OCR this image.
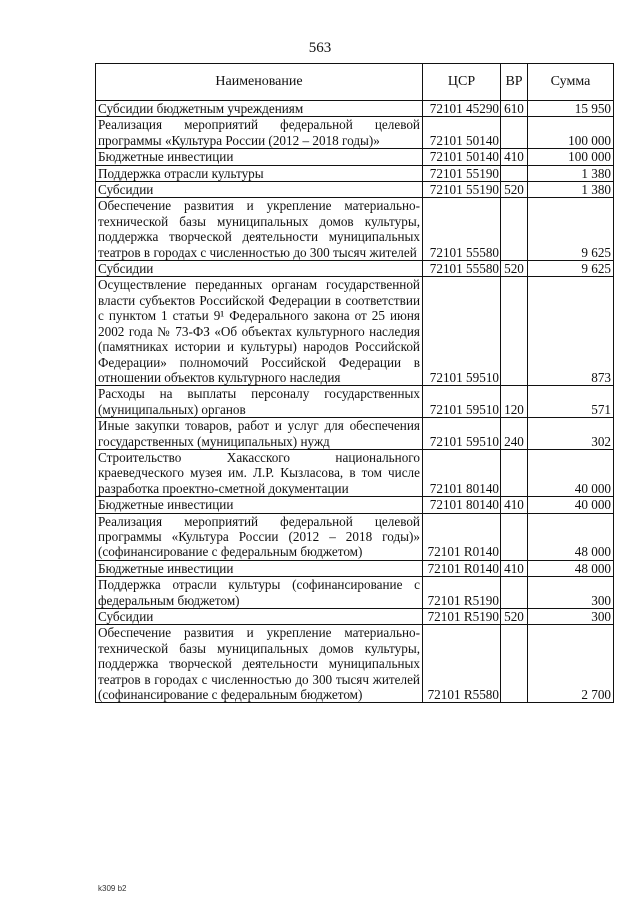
563
Наименование	ЦСР	ВР	Сумма
Субсидии бюджетным учреждениям	72101 45290	610	15 950
Реализация мероприятий федеральной целевой программы «Культура России (2012 – 2018 годы)»	72101 50140		100 000
Бюджетные инвестиции	72101 50140	410	100 000
Поддержка отрасли культуры	72101 55190		1 380
Субсидии	72101 55190	520	1 380
Обеспечение развития и укрепление материально-технической базы муниципальных домов культуры, поддержка творческой деятельности муниципальных театров в городах с численностью до 300 тысяч жителей	72101 55580		9 625
Субсидии	72101 55580	520	9 625
Осуществление переданных органам государственной власти субъектов Российской Федерации в соответствии с пунктом 1 статьи 9¹ Федерального закона от 25 июня 2002 года № 73-ФЗ «Об объектах культурного наследия (памятниках истории и культуры) народов Российской Федерации» полномочий Российской Федерации в отношении объектов культурного наследия	72101 59510		873
Расходы на выплаты персоналу государственных (муниципальных) органов	72101 59510	120	571
Иные закупки товаров, работ и услуг для обеспечения государственных (муниципальных) нужд	72101 59510	240	302
Строительство Хакасского национального краеведческого музея им. Л.Р. Кызласова, в том числе разработка проектно-сметной документации	72101 80140		40 000
Бюджетные инвестиции	72101 80140	410	40 000
Реализация мероприятий федеральной целевой программы «Культура России (2012 – 2018 годы)» (софинансирование с федеральным бюджетом)	72101 R0140		48 000
Бюджетные инвестиции	72101 R0140	410	48 000
Поддержка отрасли культуры (софинансирование с федеральным бюджетом)	72101 R5190		300
Субсидии	72101 R5190	520	300
Обеспечение развития и укрепление материально-технической базы муниципальных домов культуры, поддержка творческой деятельности муниципальных театров в городах с численностью до 300 тысяч жителей (софинансирование с федеральным бюджетом)	72101 R5580		2 700
k309 b2
